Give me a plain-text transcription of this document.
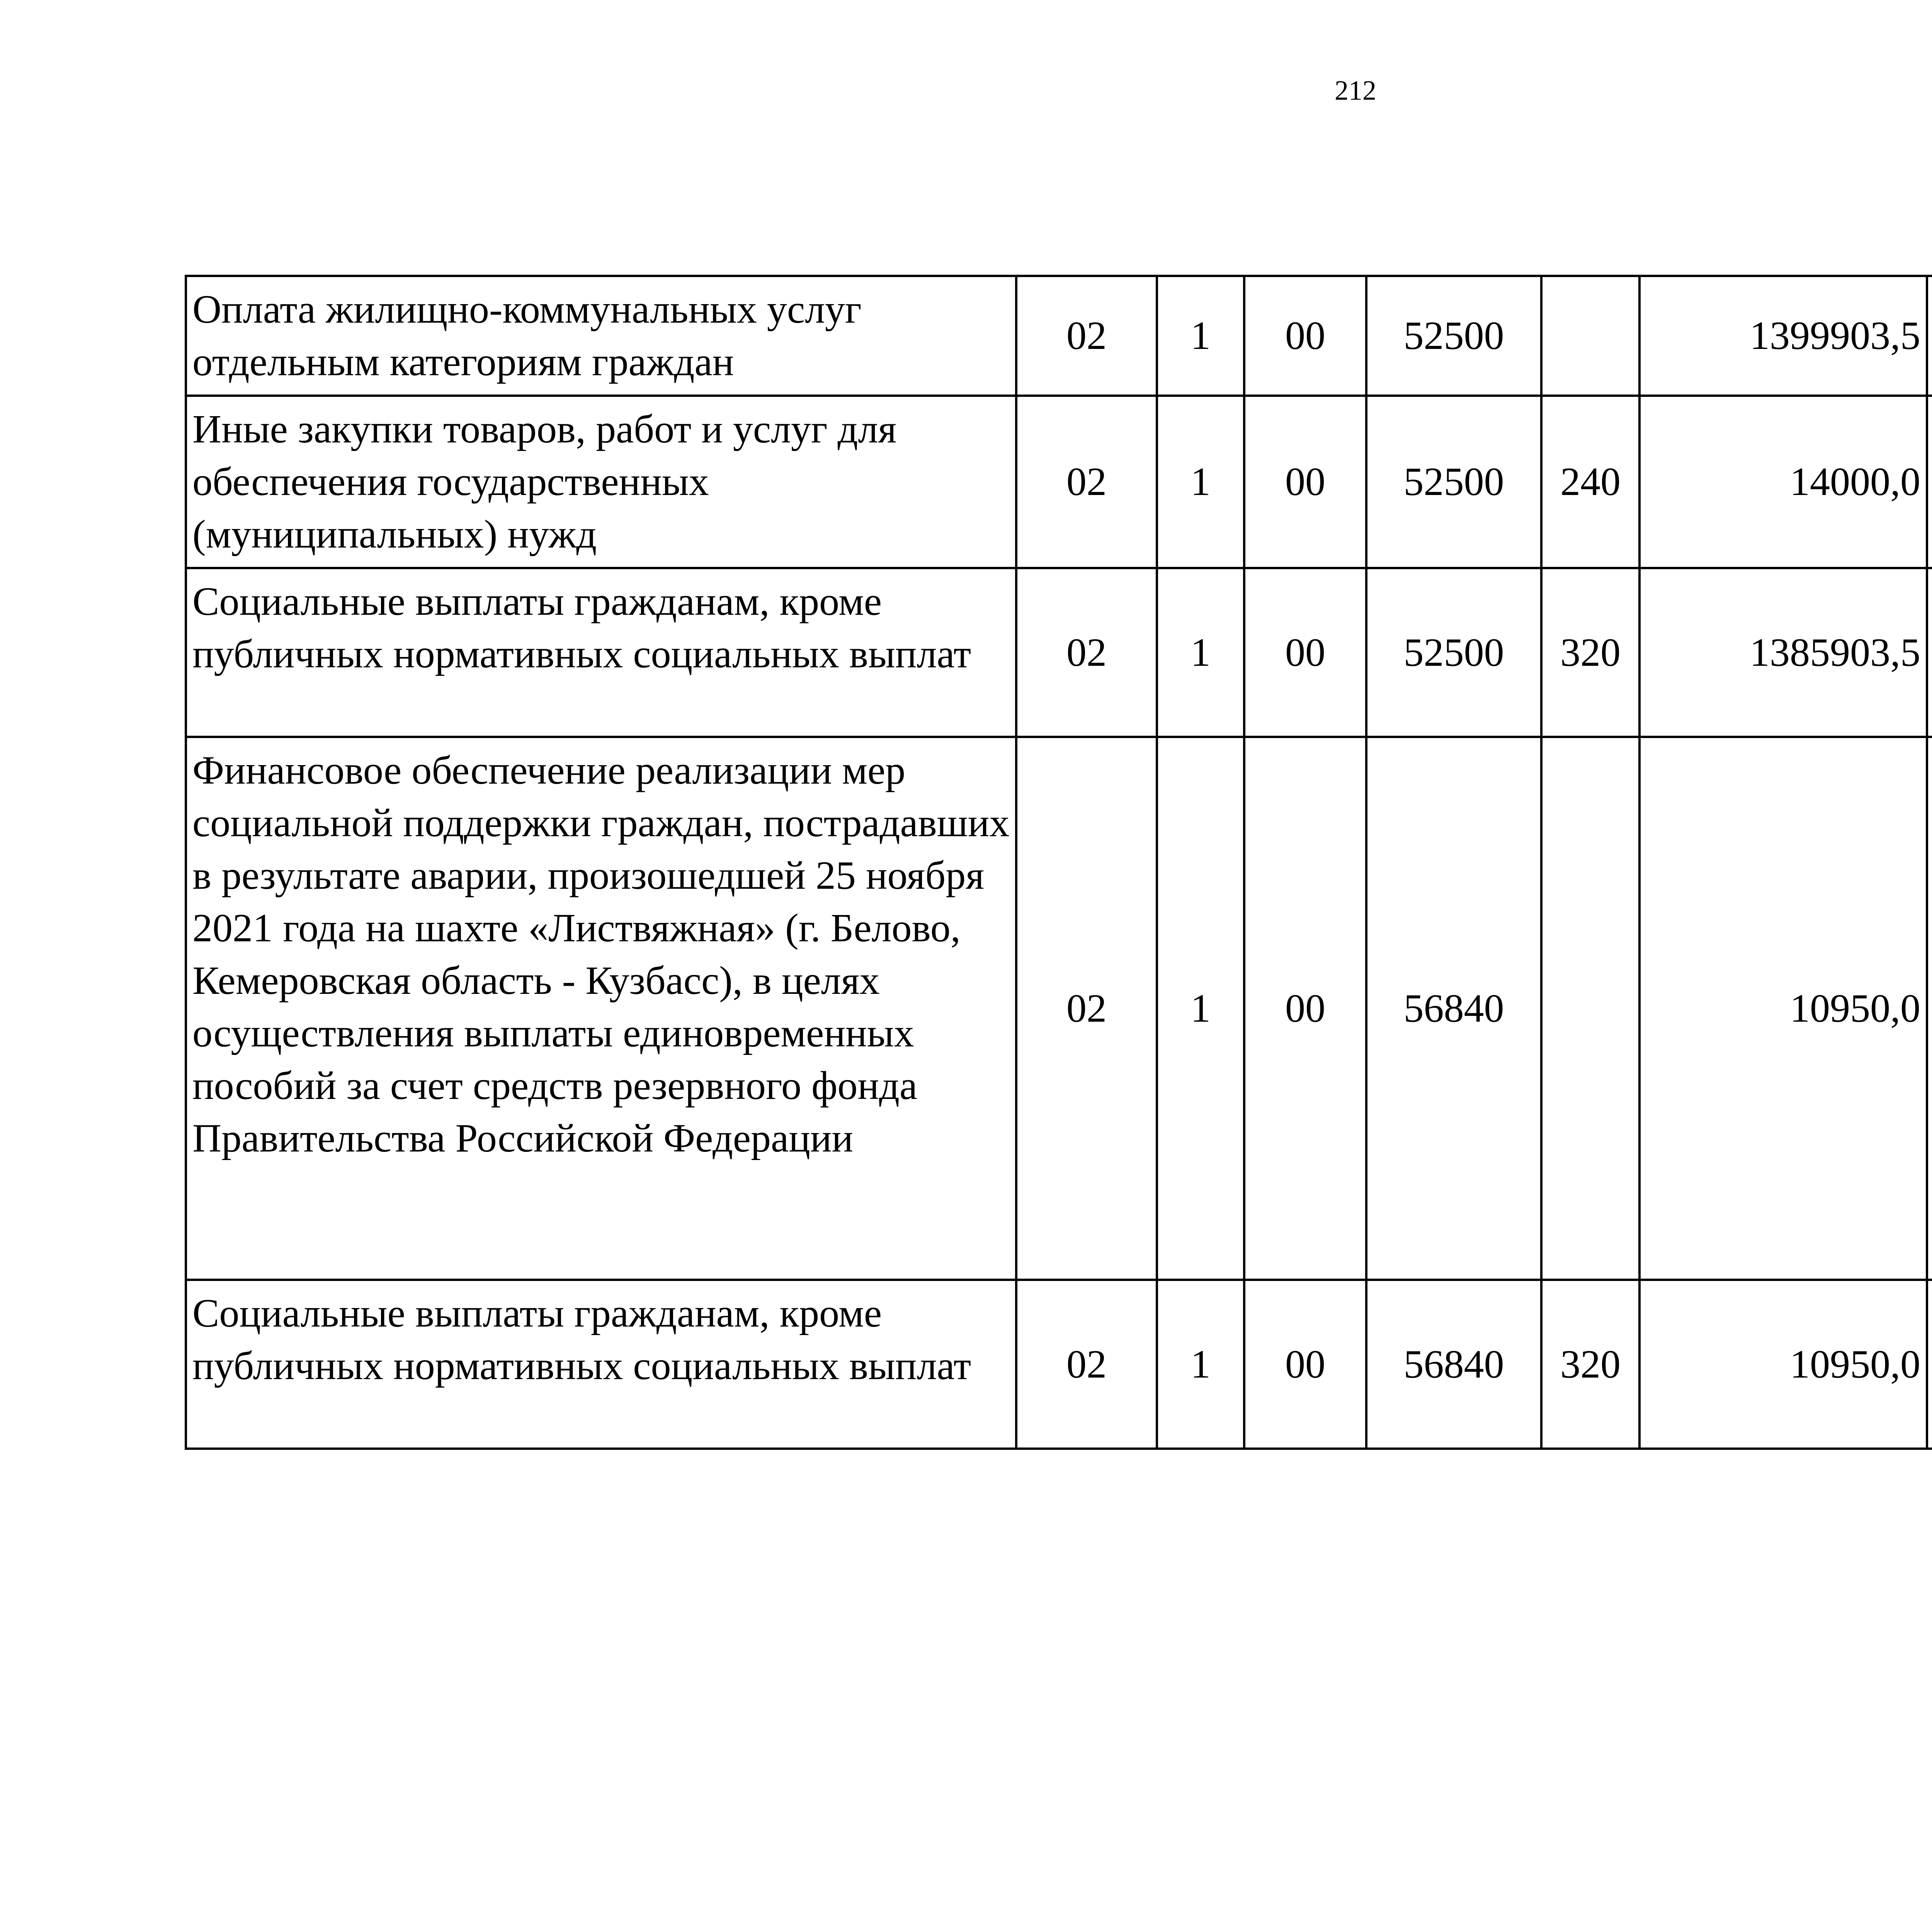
212
Оплата жилищно-коммунальных услуг отдельным категориям граждан	02	1	00	52500		1399903,5		
Иные закупки товаров, работ и услуг для обеспечения государственных (муниципальных) нужд	02	1	00	52500	240	14000,0		
Социальные выплаты гражданам, кроме публичных нормативных социальных выплат	02	1	00	52500	320	1385903,5		
Финансовое обеспечение реализации мер социальной поддержки граждан, пострадавших в результате аварии, произошедшей 25 ноября 2021 года на шахте «Листвяжная» (г. Белово, Кемеровская область - Кузбасс), в целях осуществления выплаты единовременных пособий за счет средств резервного фонда Правительства Российской Федерации	02	1	00	56840		10950,0		
Социальные выплаты гражданам, кроме публичных нормативных социальных выплат	02	1	00	56840	320	10950,0		
